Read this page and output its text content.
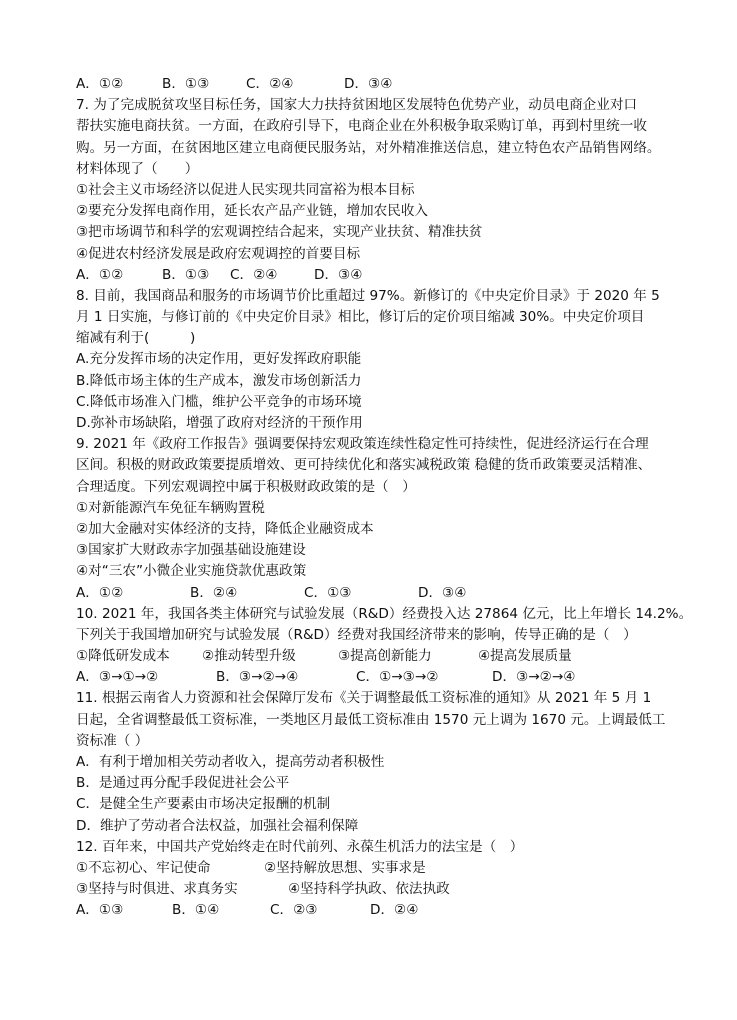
A．①②	B．①③	C．②④	D．③④
7. 为了完成脱贫攻坚目标任务，国家大力扶持贫困地区发展特色优势产业，动员电商企业对口
帮扶实施电商扶贫。一方面，在政府引导下，电商企业在外积极争取采购订单，再到村里统一收
购。另一方面，在贫困地区建立电商便民服务站，对外精准推送信息，建立特色农产品销售网络。
材料体现了（　　）
①社会主义市场经济以促进人民实现共同富裕为根本目标
②要充分发挥电商作用，延长农产品产业链，增加农民收入
③把市场调节和科学的宏观调控结合起来，实现产业扶贫、精准扶贫
④促进农村经济发展是政府宏观调控的首要目标
A．①②	B．①③	C．②④	D．③④
8. 目前，我国商品和服务的市场调节价比重超过 97%。新修订的《中央定价目录》于 2020 年 5
月 1 日实施，与修订前的《中央定价目录》相比，修订后的定价项目缩减 30%。中央定价项目
缩减有利于(　　　)
A.充分发挥市场的决定作用，更好发挥政府职能
B.降低市场主体的生产成本，激发市场创新活力
C.降低市场准入门槛，维护公平竞争的市场环境
D.弥补市场缺陷，增强了政府对经济的干预作用
9. 2021 年《政府工作报告》强调要保持宏观政策连续性稳定性可持续性，促进经济运行在合理
区间。积极的财政政策要提质增效、更可持续优化和落实减税政策 稳健的货币政策要灵活精准、
合理适度。下列宏观调控中属于积极财政政策的是（　）
①对新能源汽车免征车辆购置税
②加大金融对实体经济的支持，降低企业融资成本
③国家扩大财政赤字加强基础设施建设
④对“三农”小微企业实施贷款优惠政策
A．①②	B．②④	C．①③	D．③④
10. 2021 年，我国各类主体研究与试验发展（R&D）经费投入达 27864 亿元，比上年增长 14.2%。
下列关于我国增加研究与试验发展（R&D）经费对我国经济带来的影响，传导正确的是（　）
①降低研发成本	②推动转型升级	③提高创新能力	④提高发展质量
A．③→①→②	B．③→②→④	C．①→③→②	D．③→②→④
11. 根据云南省人力资源和社会保障厅发布《关于调整最低工资标准的通知》从 2021 年 5 月 1
日起，全省调整最低工资标准，一类地区月最低工资标准由 1570 元上调为 1670 元。上调最低工
资标准（ ）
A．有利于增加相关劳动者收入，提高劳动者积极性
B．是通过再分配手段促进社会公平
C．是健全生产要素由市场决定报酬的机制
D．维护了劳动者合法权益，加强社会福利保障
12. 百年来，中国共产党始终走在时代前列、永葆生机活力的法宝是（　）
①不忘初心、牢记使命	②坚持解放思想、实事求是
③坚持与时俱进、求真务实	④坚持科学执政、依法执政
A．①③	B．①④	C．②③	D．②④
